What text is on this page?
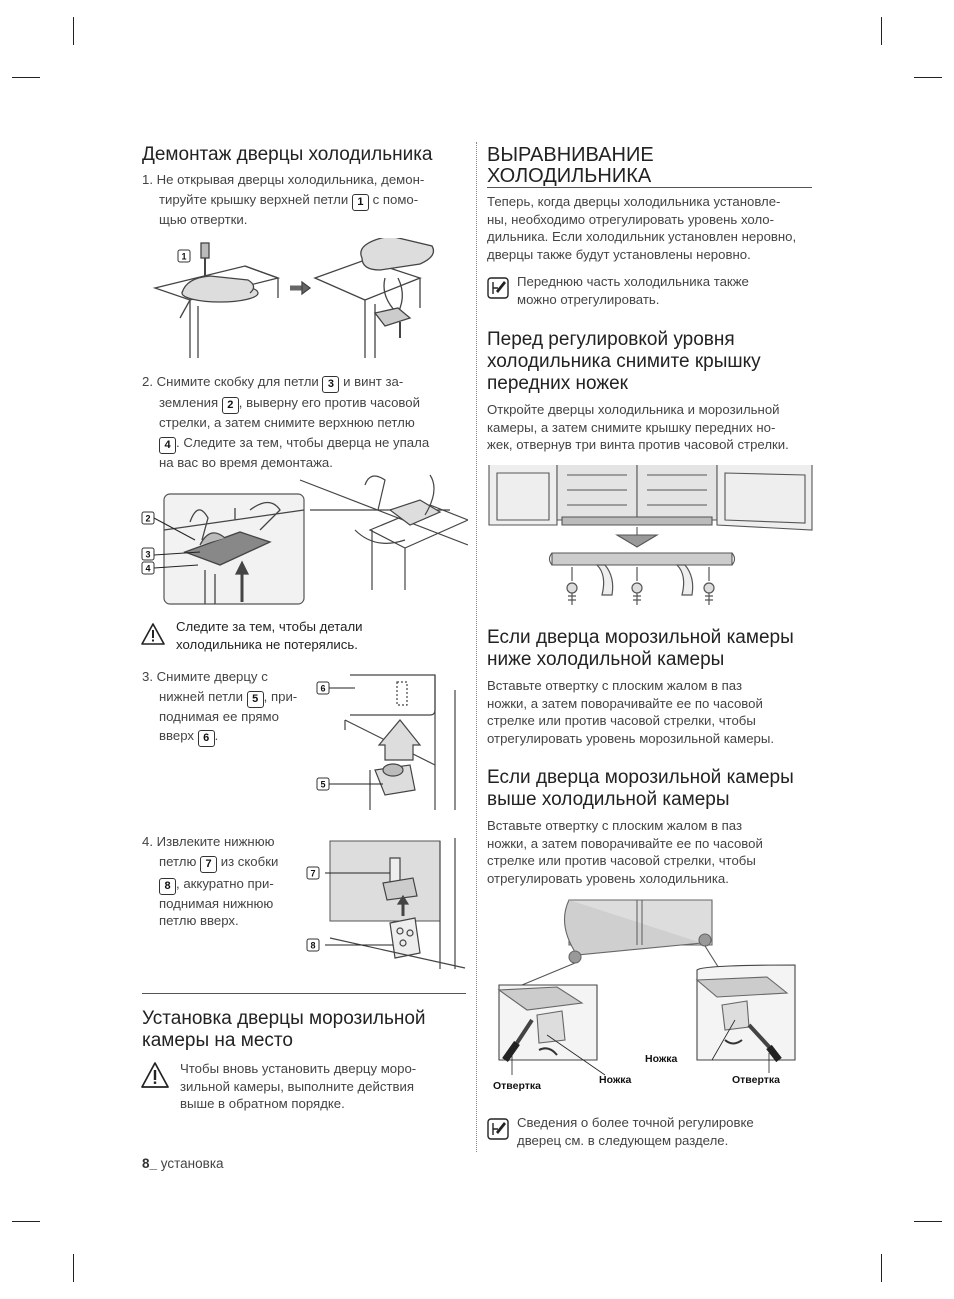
Демонтаж дверцы холодильника
1. Не открывая дверцы холодильника, демон-
тируйте крышку верхней петли 1 с помо-
щью отвертки.
1
2. Снимите скобку для петли 3 и винт за-
земления 2 , выверну его против часовой
стрелки, а затем снимите верхнюю петлю
4 . Следите за тем, чтобы дверца не упала
на вас во время демонтажа.
2
3
4
Следите за тем, чтобы детали
холодильника не потерялись.
3. Снимите дверцу с
нижней петли 5 , при-
поднимая ее прямо
вверх 6 .
6
5
4. Извлеките нижнюю
петлю 7 из скобки
8 , аккуратно при-
поднимая нижнюю
петлю вверх.
7
8
Установка дверцы морозильной
камеры на место
Чтобы вновь установить дверцу моро-
зильной камеры, выполните действия
выше в обратном порядке.
8_ установка
ВЫРАВНИВАНИЕ
ХОЛОДИЛЬНИКА
Теперь, когда дверцы холодильника установле-
ны, необходимо отрегулировать уровень холо-
дильника. Если холодильник установлен неровно,
дверцы также будут установлены неровно.
Переднюю часть холодильника также
можно отрегулировать.
Перед регулировкой уровня
холодильника снимите крышку
передних ножек
Откройте дверцы холодильника и морозильной
камеры, а затем снимите крышку передних но-
жек, отвернув три винта против часовой стрелки.
Если дверца морозильной камеры
ниже холодильной камеры
Вставьте отвертку с плоским жалом в паз
ножки, а затем поворачивайте ее по часовой
стрелке или против часовой стрелки, чтобы
отрегулировать уровень морозильной камеры.
Если дверца морозильной камеры
выше холодильной камеры
Вставьте отвертку с плоским жалом в паз
ножки, а затем поворачивайте ее по часовой
стрелке или против часовой стрелки, чтобы
отрегулировать уровень холодильника.
Отвертка	Ножка
Ножка
Отвертка
Сведения о более точной регулировке
дверец см. в следующем разделе.
